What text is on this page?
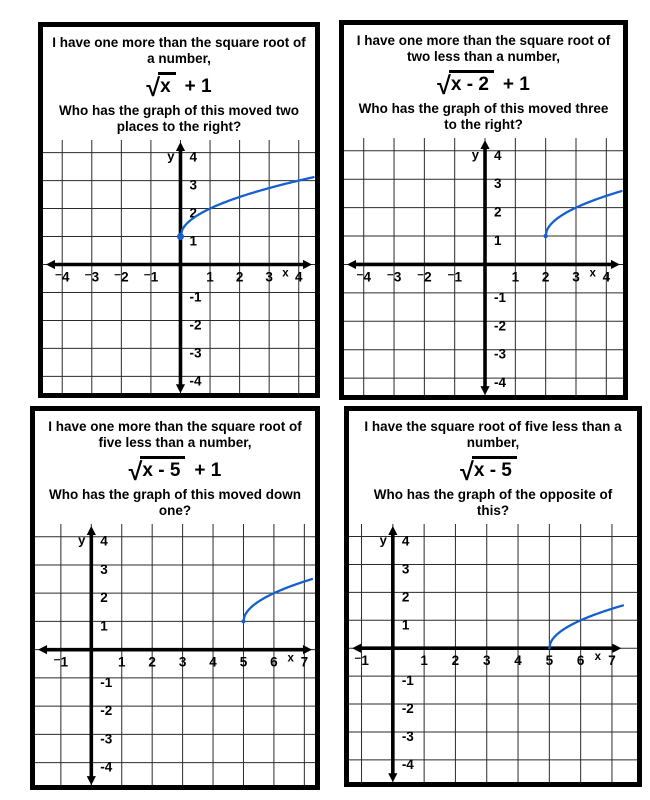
I have one more than the square root of a number,
√ x + 1
Who has the graph of this moved two places to the right?
⁻4 ⁻3 ⁻2 ⁻1	1 2 3 4
4
3
2
1
-1
-2
-3
-4
x
y
I have one more than the square root of two less than a number,
√ x - 2 + 1
Who has the graph of this moved three to the right?
⁻4 ⁻3 ⁻2 ⁻1	1 2 3 4
4
3
2
1
-1
-2
-3
-4
x
y
I have one more than the square root of five less than a number,
√ x - 5 + 1
Who has the graph of this moved down one?
⁻1	1 2 3 4 5 6 7
4
3
2
1
-1
-2
-3
-4
x
y
I have the square root of five less than a number,
√ x - 5
Who has the graph of the opposite of this?
⁻1	1 2 3 4 5 6 7
4
3
2
1
-1
-2
-3
-4
x
y
